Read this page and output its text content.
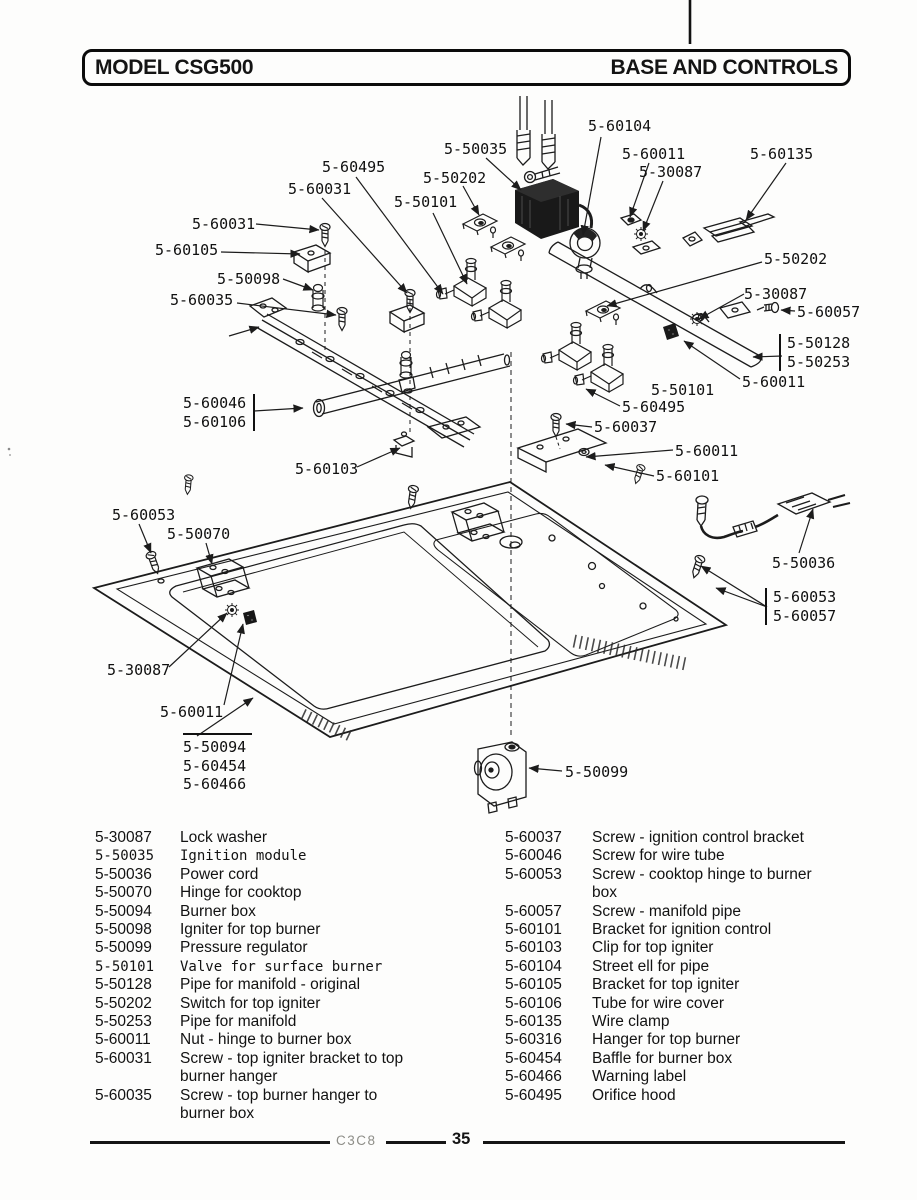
MODEL CSG500	BASE AND CONTROLS
5-60104
5-50035	5-60011	5-60135
5-60495	5-30087
5-50202
5-60031
5-50101
5-60031
5-60105	5-50202
5-50098
5-30087
5-60035
5-60057
5-50101 5-60011
5-60495
5-60037
5-60011
5-60101
5-60103
5-60053
5-50070
5-50036
5-30087
5-60011
5-50099
5-50128
5-50253
5-60046
5-60106
5-60053
5-60057
5-50094
5-60454
5-60466
5-30087	Lock washer
5-50035	Ignition module
5-50036	Power cord
5-50070	Hinge for cooktop
5-50094	Burner box
5-50098	Igniter for top burner
5-50099	Pressure regulator
5-50101	Valve for surface burner
5-50128	Pipe for manifold - original
5-50202	Switch for top igniter
5-50253	Pipe for manifold
5-60011	Nut - hinge to burner box
5-60031	Screw - top igniter bracket to top
burner hanger
5-60035	Screw - top burner hanger to
burner box
5-60037	Screw - ignition control bracket
5-60046	Screw for wire tube
5-60053	Screw - cooktop hinge to burner
box
5-60057	Screw - manifold pipe
5-60101	Bracket for ignition control
5-60103	Clip for top igniter
5-60104	Street ell for pipe
5-60105	Bracket for top igniter
5-60106	Tube for wire cover
5-60135	Wire clamp
5-60316	Hanger for top burner
5-60454	Baffle for burner box
5-60466	Warning label
5-60495	Orifice hood
C3C8	35
